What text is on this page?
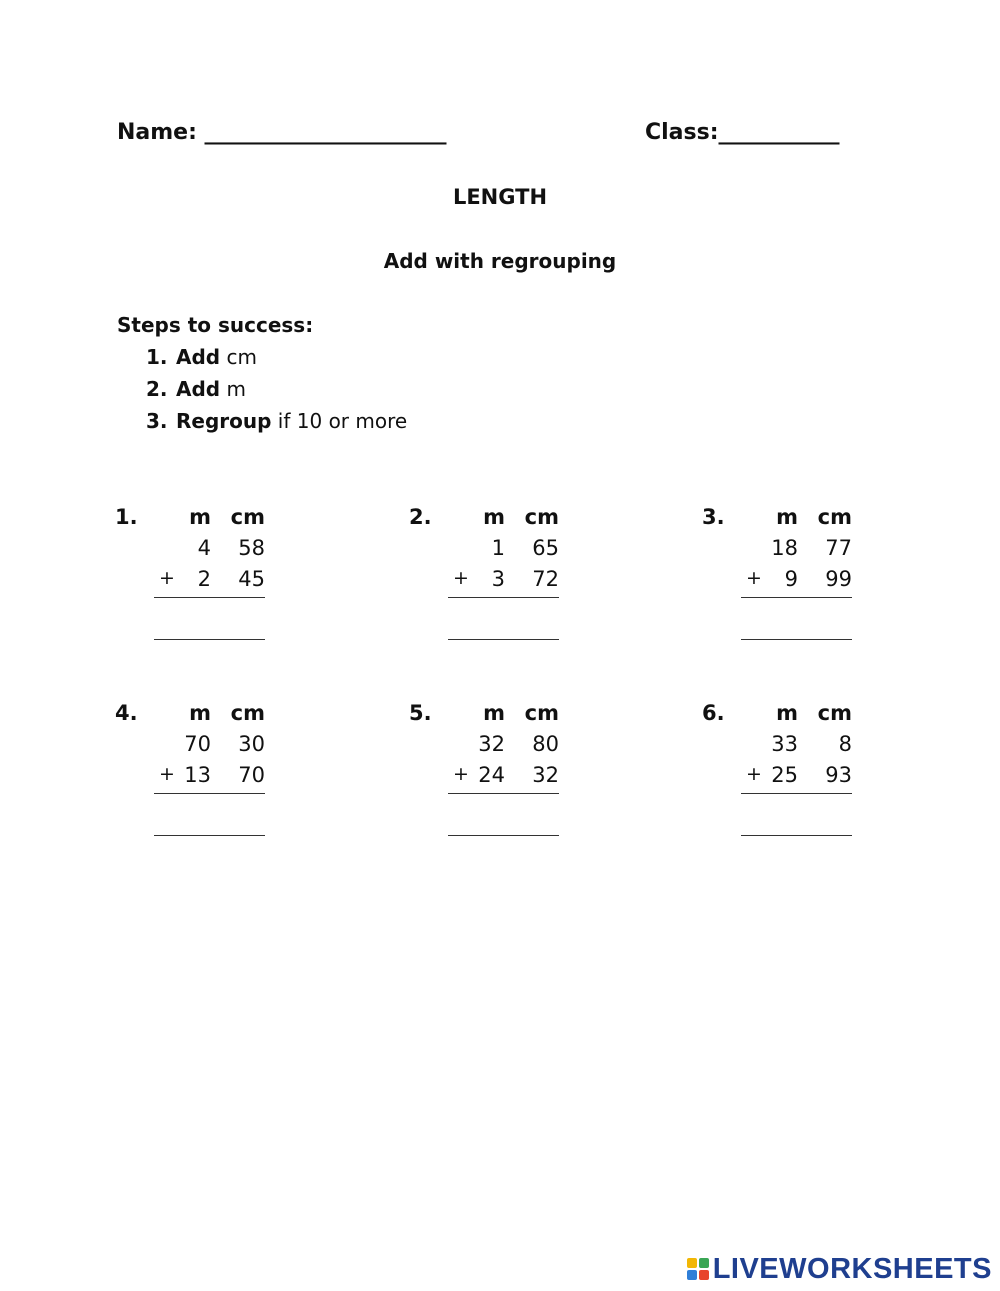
Name: ______________________	Class:___________
LENGTH
Add with regrouping
Steps to success:
1. Add cm
2. Add m
3. Regroup if 10 or more
1. m cm
4 58
+ 2 45
2. m cm
1 65
+ 3 72
3. m cm
18 77
+ 9 99
4. m cm
70 30
+ 13 70
5. m cm
32 80
+ 24 32
6. m cm
33 8
+ 25 93
LIVEWORKSHEETS
